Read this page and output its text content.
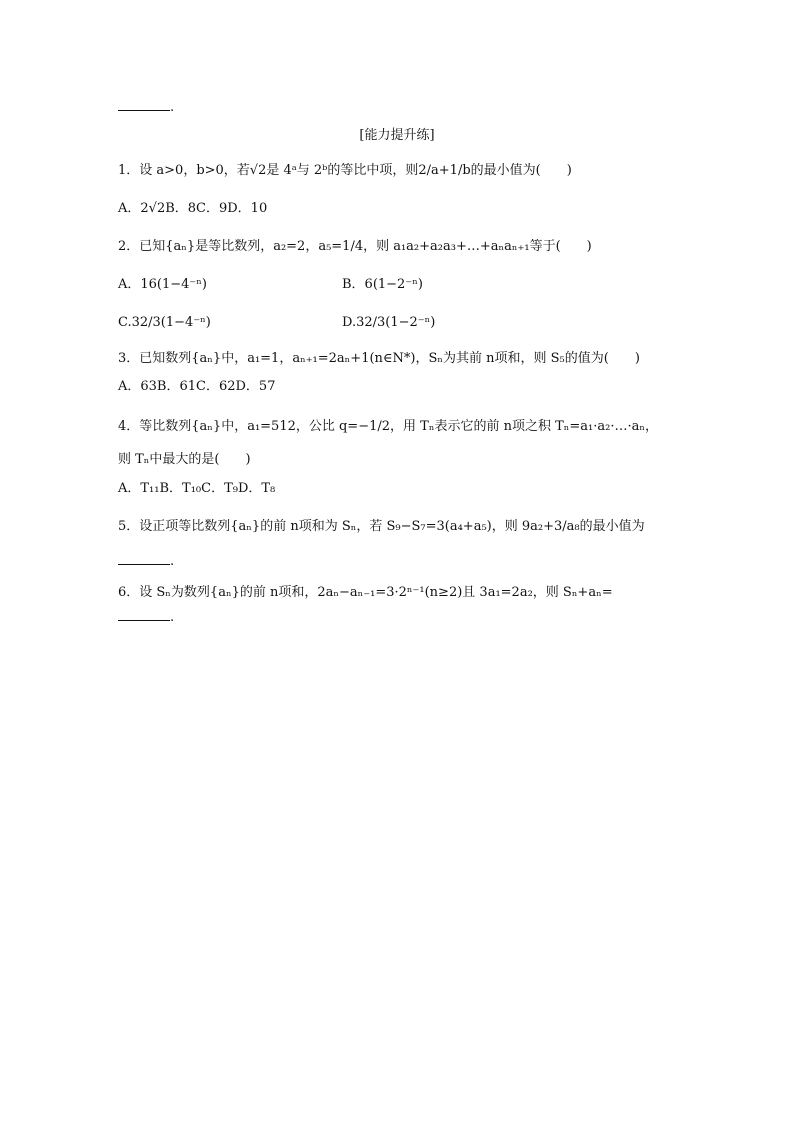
.
[能力提升练]
1．设 a>0，b>0，若√2是 4ᵃ与 2ᵇ的等比中项，则2/a+1/b的最小值为(　　)
A．2√2B．8C．9D．10
2．已知{aₙ}是等比数列，a₂=2，a₅=1/4，则 a₁a₂+a₂a₃+…+aₙaₙ₊₁等于(　　)
A．16(1−4⁻ⁿ)	B．6(1−2⁻ⁿ)
C.32/3(1−4⁻ⁿ)	D.32/3(1−2⁻ⁿ)
3．已知数列{aₙ}中，a₁=1，aₙ₊₁=2aₙ+1(n∈N*)，Sₙ为其前 n项和，则 S₅的值为(　　)
A．63B．61C．62D．57
4．等比数列{aₙ}中，a₁=512，公比 q=−1/2，用 Tₙ表示它的前 n项之积 Tₙ=a₁·a₂·…·aₙ，
则 Tₙ中最大的是(　　)
A．T₁₁B．T₁₀C．T₉D．T₈
5．设正项等比数列{aₙ}的前 n项和为 Sₙ，若 S₉−S₇=3(a₄+a₅)，则 9a₂+3/a₈的最小值为
.
6．设 Sₙ为数列{aₙ}的前 n项和，2aₙ−aₙ₋₁=3·2ⁿ⁻¹(n≥2)且 3a₁=2a₂，则 Sₙ+aₙ=
.
